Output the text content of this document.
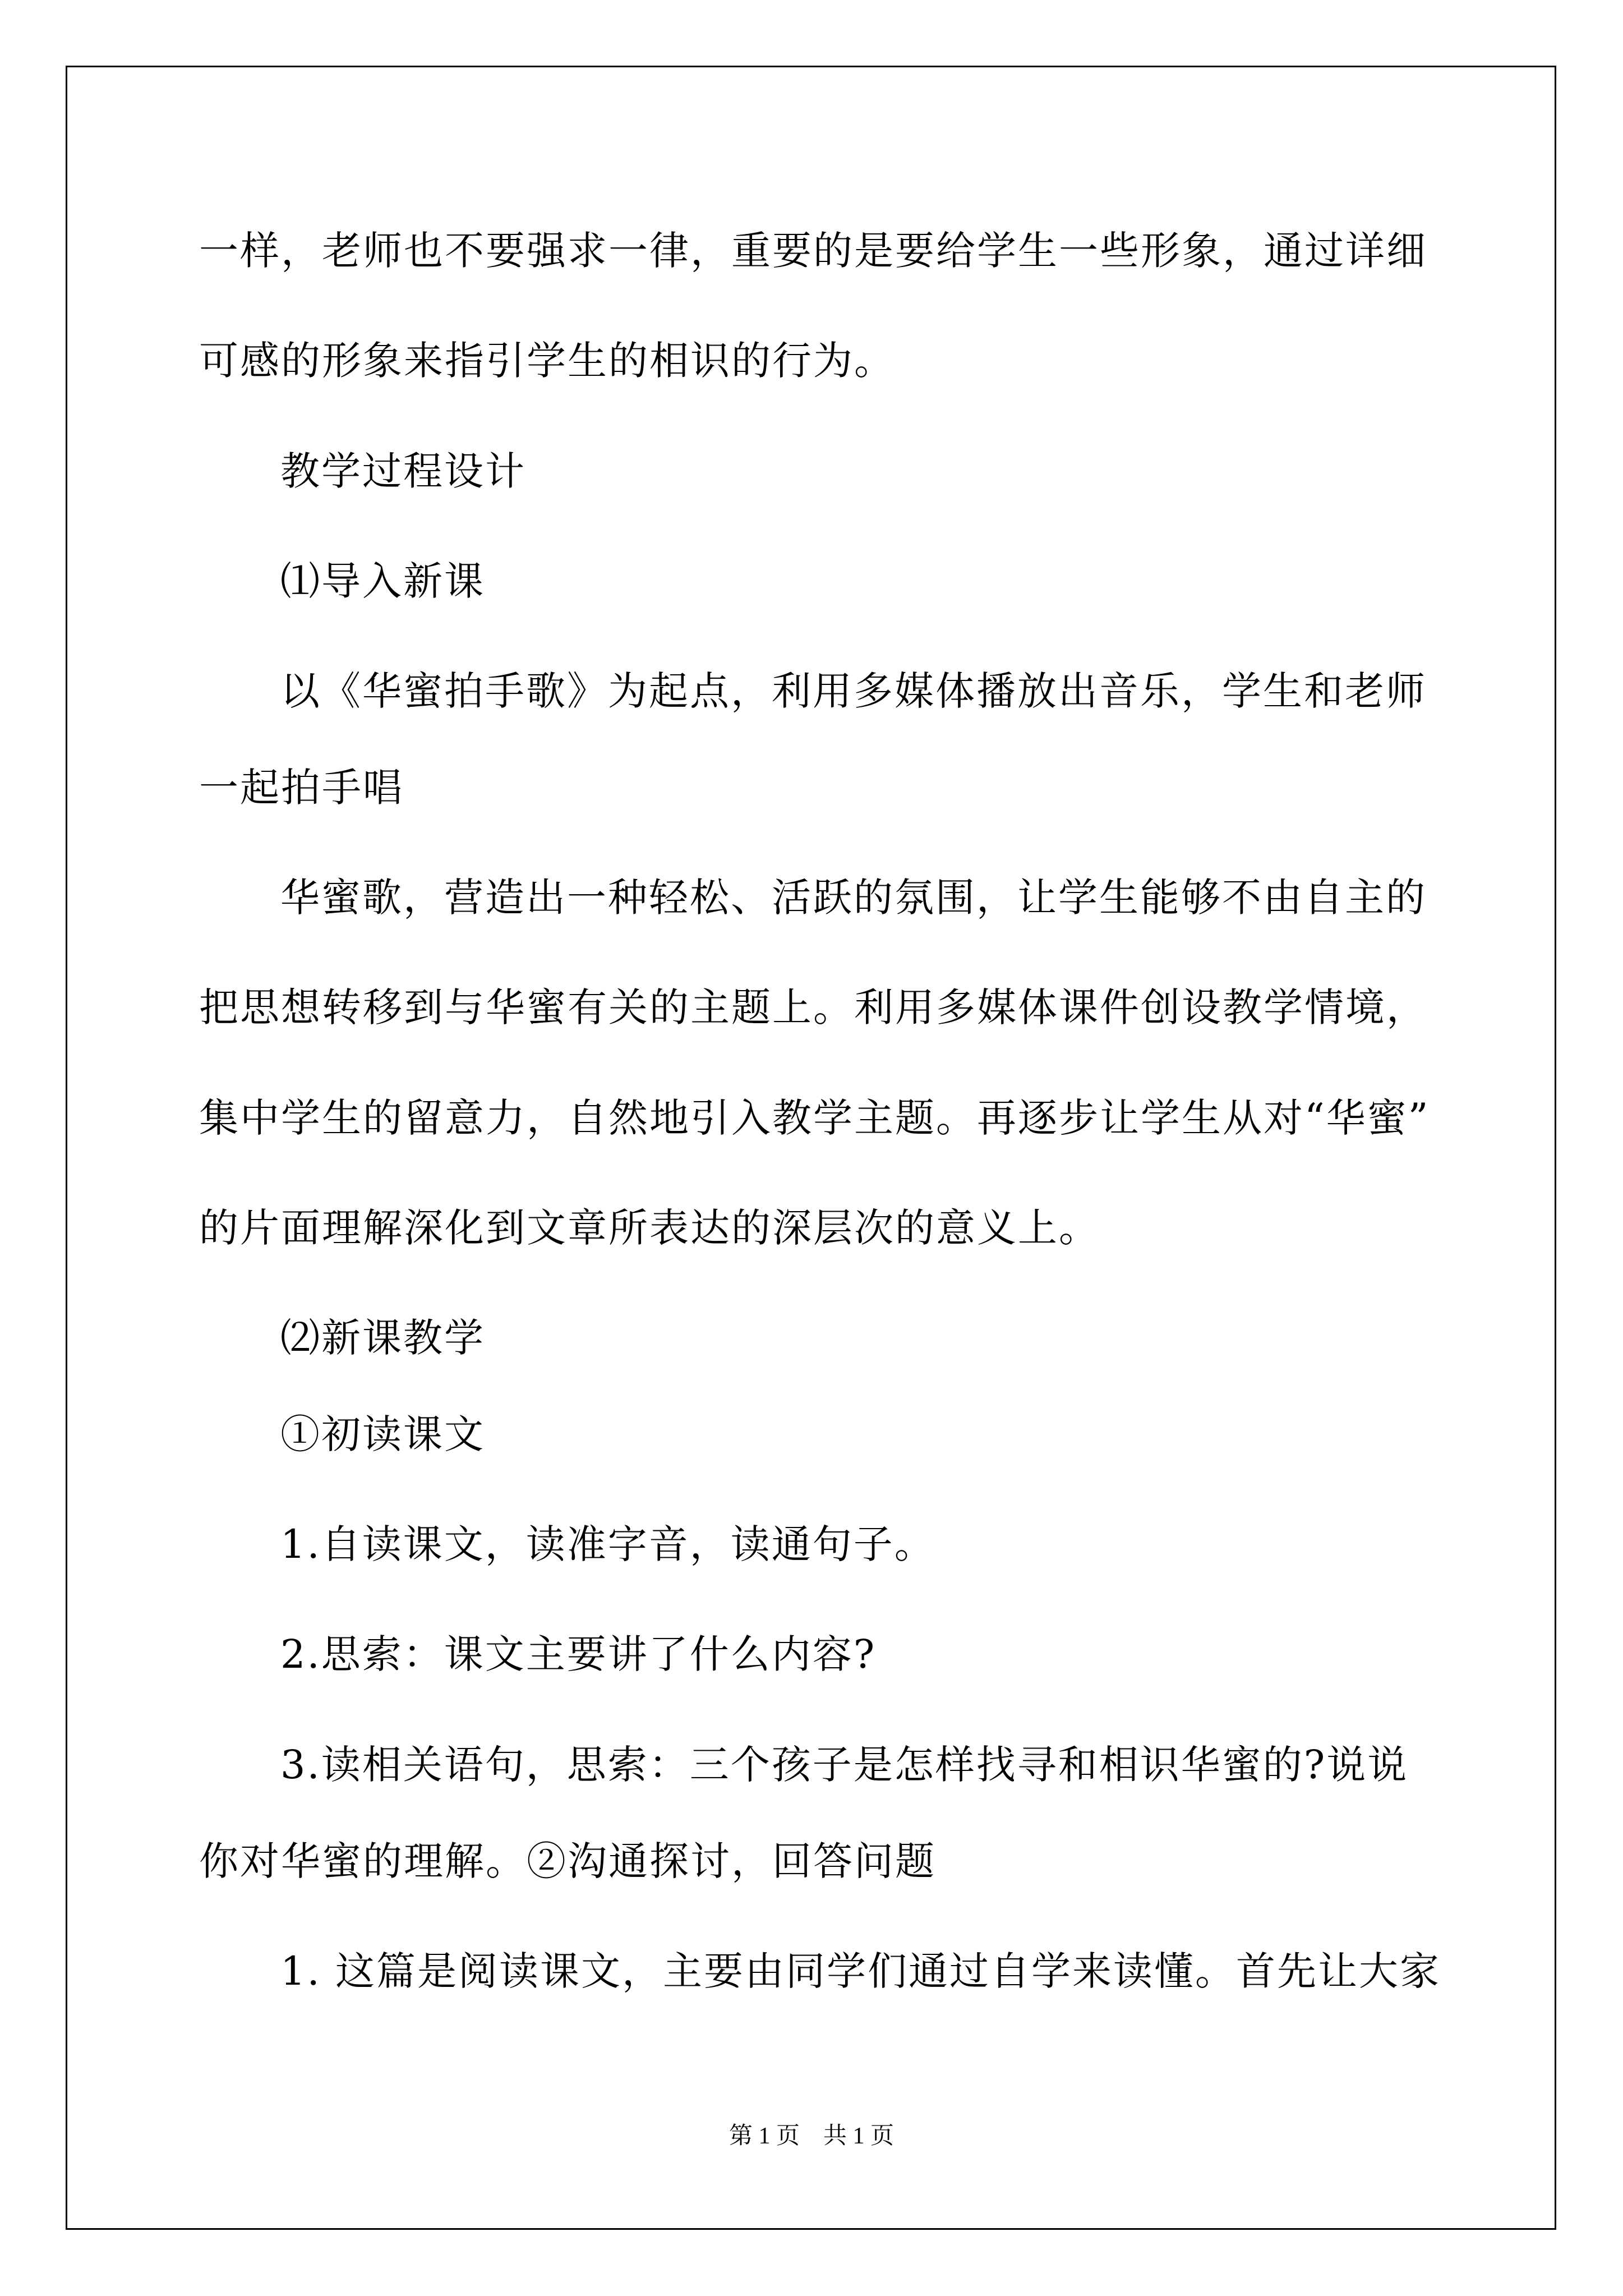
一样，老师也不要强求一律，重要的是要给学生一些形象，通过详细
可感的形象来指引学生的相识的行为。
教学过程设计
⑴导入新课
以《华蜜拍手歌》为起点，利用多媒体播放出音乐，学生和老师
一起拍手唱
华蜜歌，营造出一种轻松、活跃的氛围，让学生能够不由自主的
把思想转移到与华蜜有关的主题上。利用多媒体课件创设教学情境，
集中学生的留意力，自然地引入教学主题。再逐步让学生从对“华蜜”
的片面理解深化到文章所表达的深层次的意义上。
⑵新课教学
①初读课文
1.自读课文，读准字音，读通句子。
2.思索：课文主要讲了什么内容?
3.读相关语句，思索：三个孩子是怎样找寻和相识华蜜的?说说
你对华蜜的理解。②沟通探讨，回答问题
1. 这篇是阅读课文，主要由同学们通过自学来读懂。首先让大家
第 1 页    共 1 页
